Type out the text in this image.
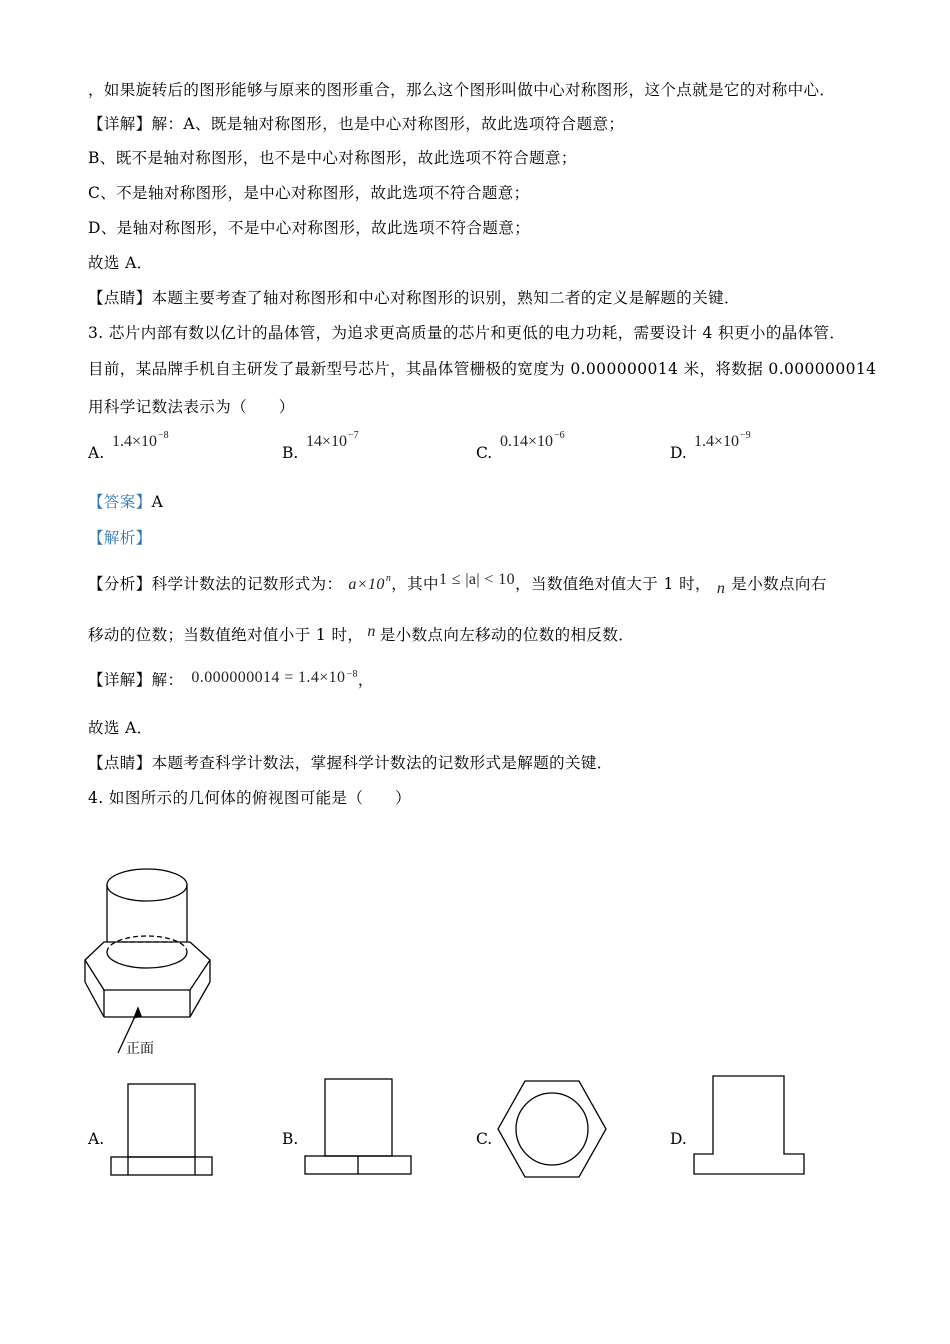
，如果旋转后的图形能够与原来的图形重合，那么这个图形叫做中心对称图形，这个点就是它的对称中心．
【详解】解：A、既是轴对称图形，也是中心对称图形，故此选项符合题意；
B、既不是轴对称图形，也不是中心对称图形，故此选项不符合题意；
C、不是轴对称图形，是中心对称图形，故此选项不符合题意；
D、是轴对称图形，不是中心对称图形，故此选项不符合题意；
故选 A．
【点睛】本题主要考查了轴对称图形和中心对称图形的识别，熟知二者的定义是解题的关键．
3. 芯片内部有数以亿计的晶体管，为追求更高质量的芯片和更低的电力功耗，需要设计 4 积更小的晶体管．
目前，某品牌手机自主研发了最新型号芯片，其晶体管栅极的宽度为 0.000000014 米，将数据 0.000000014
用科学记数法表示为（　　）
$A.1.4\times 10^{-8}$
$B.14\times 10^{-7}$
$C.0.14\times 10^{-6}$
$D.1.4\times 10^{-9}$
【答案】A
【解析】
【分析】科学计数法的记数形式为： $a\times 10^n$，其中1 ≤ |a| < 10，当数值绝对值大于 1 时， n 是小数点向右
移动的位数；当数值绝对值小于 1 时， n 是小数点向左移动的位数的相反数．
【详解】解： $0.000000014 = 1.4\times 10^{-8}$，
故选 A．
【点睛】本题考查科学计数法，掌握科学计数法的记数形式是解题的关键．
4. 如图所示的几何体的俯视图可能是（　　）
正面
A.	B.	C.	D.
